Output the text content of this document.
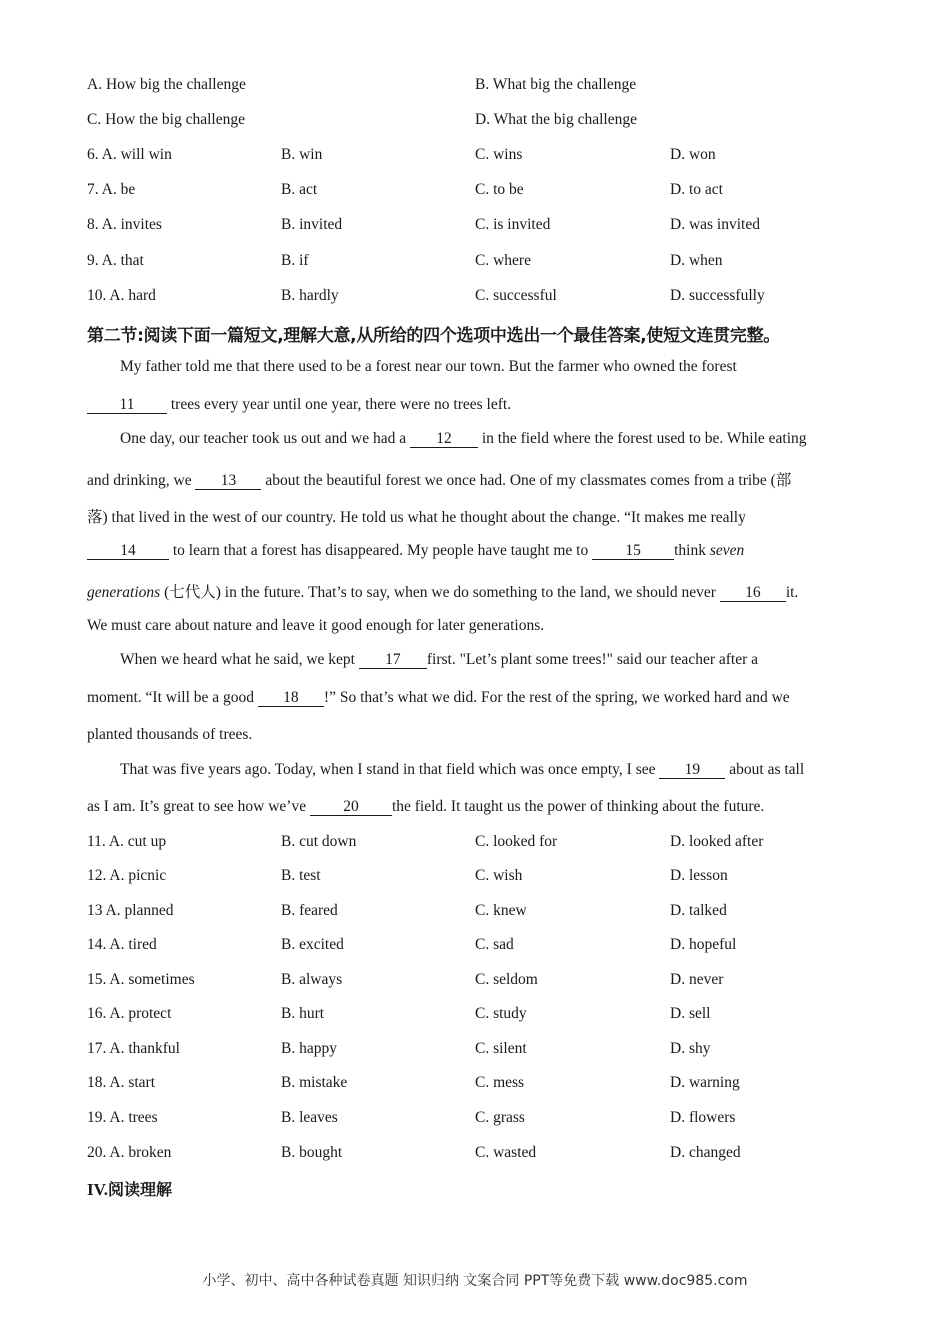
A. How big the challenge	B. What big the challenge
C. How the big challenge	D. What the big challenge
6. A. will win	B. win	C. wins	D. won
7. A. be	B. act	C. to be	D. to act
8. A. invites	B. invited	C. is invited	D. was invited
9. A. that	B. if	C. where	D. when
10. A. hard	B. hardly	C. successful	D. successfully
第二节:阅读下面一篇短文,理解大意,从所给的四个选项中选出一个最佳答案,使短文连贯完整。
My father told me that there used to be a forest near our town. But the farmer who owned the forest
11 trees every year until one year, there were no trees left.
One day, our teacher took us out and we had a 12 in the field where the forest used to be. While eating
and drinking, we 13 about the beautiful forest we once had. One of my classmates comes from a tribe (部
落) that lived in the west of our country. He told us what he thought about the change. “It makes me really
14 to learn that a forest has disappeared. My people have taught me to 15 think seven
generations (七代人) in the future. That’s to say, when we do something to the land, we should never 16 it.
We must care about nature and leave it good enough for later generations.
When we heard what he said, we kept 17 first. "Let’s plant some trees!" said our teacher after a
moment. “It will be a good 18 !” So that’s what we did. For the rest of the spring, we worked hard and we
planted thousands of trees.
That was five years ago. Today, when I stand in that field which was once empty, I see 19 about as tall
as I am. It’s great to see how we’ve 20 the field. It taught us the power of thinking about the future.
11. A. cut up	B. cut down	C. looked for	D. looked after
12. A. picnic	B. test	C. wish	D. lesson
13 A. planned	B. feared	C. knew	D. talked
14. A. tired	B. excited	C. sad	D. hopeful
15. A. sometimes	B. always	C. seldom	D. never
16. A. protect	B. hurt	C. study	D. sell
17. A. thankful	B. happy	C. silent	D. shy
18. A. start	B. mistake	C. mess	D. warning
19. A. trees	B. leaves	C. grass	D. flowers
20. A. broken	B. bought	C. wasted	D. changed
IV.阅读理解
小学、初中、高中各种试卷真题 知识归纳 文案合同 PPT等免费下载 www.doc985.com
